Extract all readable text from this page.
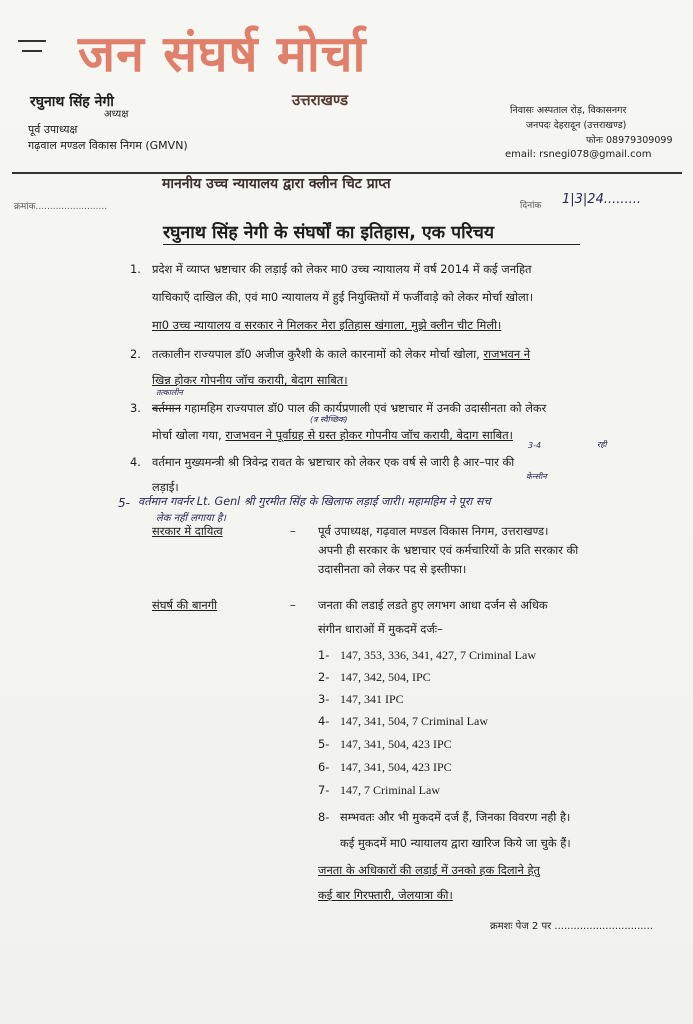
जन संघर्ष मोर्चा
रघुनाथ सिंह नेगी
अध्यक्ष
पूर्व उपाध्यक्ष
गढ़वाल मण्डल विकास निगम (GMVN)
उत्तराखण्ड
निवासः अस्पताल रोड़, विकासनगर
जनपदः देहरादून (उत्तराखण्ड)
फोनः 08979309099
email: rsnegi078@gmail.com
माननीय उच्च न्यायालय द्वारा क्लीन चिट प्राप्त
क्रमांक.........................	दिनांक 1|3|24.........
रघुनाथ सिंह नेगी के संघर्षों का इतिहास, एक परिचय
1. प्रदेश में व्याप्त भ्रष्टाचार की लड़ाई को लेकर मा0 उच्च न्यायालय में वर्ष 2014 में कई जनहित
याचिकाएँ दाखिल की, एवं मा0 न्यायालय में हुई नियुक्तियों में फर्जीवाड़े को लेकर मोर्चा खोला।
मा0 उच्च न्यायालय व सरकार ने मिलकर मेरा इतिहास खंगाला, मुझे क्लीन चीट मिली।
2. तत्कालीन राज्यपाल डॉ0 अजीज कुरैशी के काले कारनामों को लेकर मोर्चा खोला, राजभवन ने
खिन्न होकर गोपनीय जॉच करायी, बेदाग साबित।
तत्कालीन
3. वर्तमान गहामहिम राज्यपाल डॉ0 पाल की कार्यप्रणाली एवं भ्रष्टाचार में उनकी उदासीनता को लेकर
(त्र स्वैच्छिक)
मोर्चा खोला गया, राजभवन ने पूर्वाग्रह से ग्रस्त होकर गोपनीय जॉच करायी, बेदाग साबित।
3-4	रही
4. वर्तमान मुख्यमन्त्री श्री त्रिवेन्द्र रावत के भ्रष्टाचार को लेकर एक वर्ष से जारी है आर–पार की
केन्सीन
लड़ाई।
5- वर्तमान गवर्नर Lt. Genl श्री गुरमीत सिंह के खिलाफ लड़ाई जारी। महामहिम ने पूरा सच
लेक नहीं लगाया है।
सरकार में दायित्व	– पूर्व उपाध्यक्ष, गढ़वाल मण्डल विकास निगम, उत्तराखण्ड।
अपनी ही सरकार के भ्रष्टाचार एवं कर्मचारियों के प्रति सरकार की
उदासीनता को लेकर पद से इस्तीफा।
संघर्ष की बानगी	– जनता की लडाई लडते हुए लगभग आधा दर्जन से अधिक
संगीन धाराओं में मुकदमें दर्जः–
1- 147, 353, 336, 341, 427, 7 Criminal Law
2- 147, 342, 504, IPC
3- 147, 341 IPC
4- 147, 341, 504, 7 Criminal Law
5- 147, 341, 504, 423 IPC
6- 147, 341, 504, 423 IPC
7- 147, 7 Criminal Law
8- सम्भवतः और भी मुकदमें दर्ज हैं, जिनका विवरण नही है।
कई मुकदमें मा0 न्यायालय द्वारा खारिज किये जा चुके हैं।
जनता के अधिकारों की लड़ाई में उनको हक दिलाने हेतु
कई बार गिरफ्तारी, जेलयात्रा की।
क्रमशः पेज 2 पर ...............................
